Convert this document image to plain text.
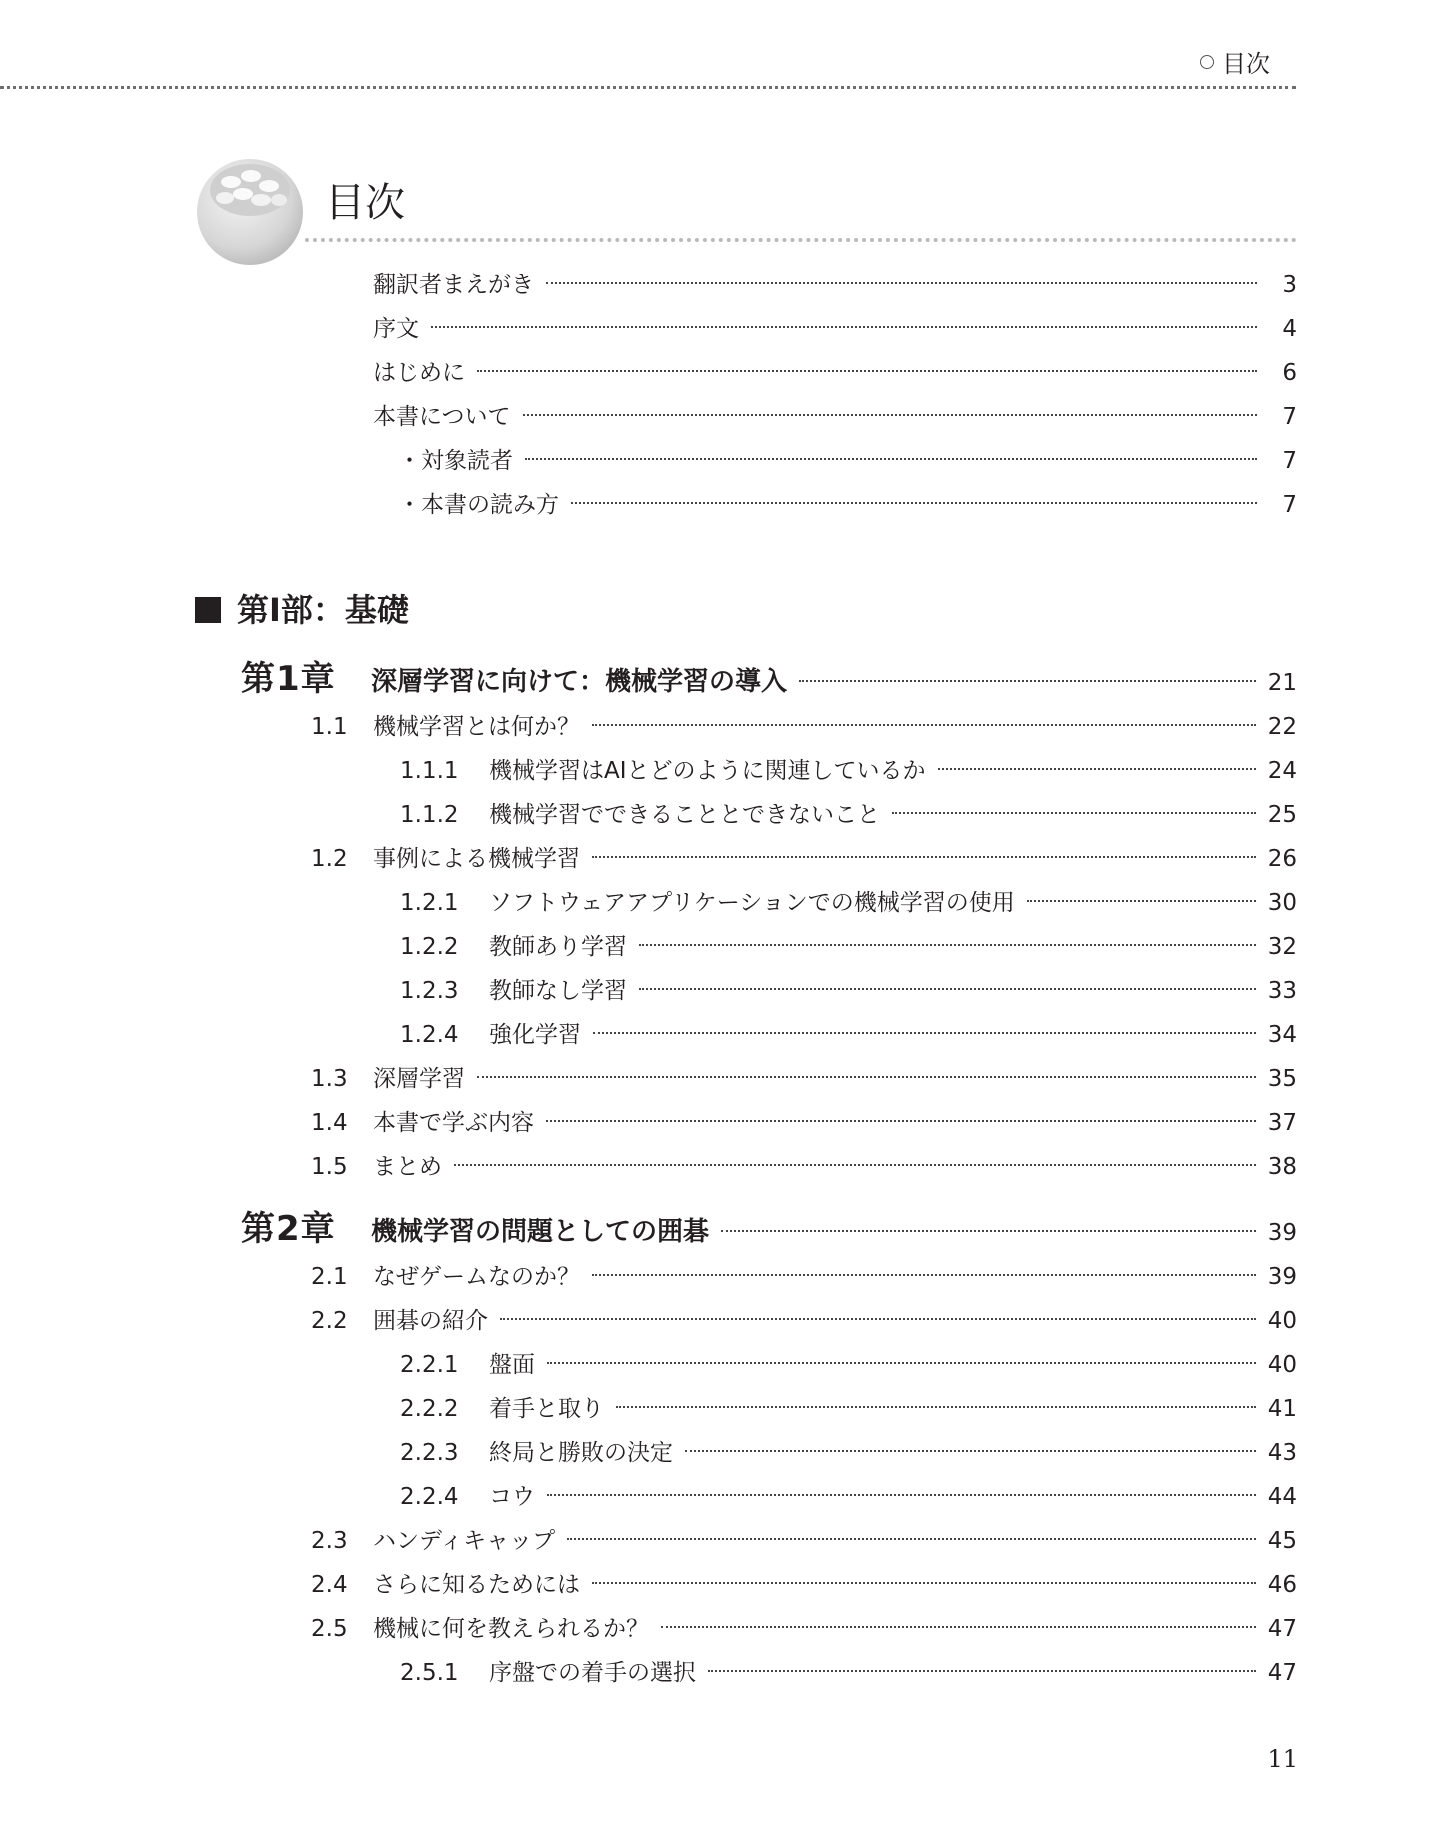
目次
目次
翻訳者まえがき	3
序文	4
はじめに	6
本書について	7
・対象読者	7
・本書の読み方	7
第I部：基礎
第1章	深層学習に向けて：機械学習の導入	21
1.1	機械学習とは何か？	22
1.1.1	機械学習はAIとどのように関連しているか	24
1.1.2	機械学習でできることとできないこと	25
1.2	事例による機械学習	26
1.2.1	ソフトウェアアプリケーションでの機械学習の使用	30
1.2.2	教師あり学習	32
1.2.3	教師なし学習	33
1.2.4	強化学習	34
1.3	深層学習	35
1.4	本書で学ぶ内容	37
1.5	まとめ	38
第2章	機械学習の問題としての囲碁	39
2.1	なぜゲームなのか？	39
2.2	囲碁の紹介	40
2.2.1	盤面	40
2.2.2	着手と取り	41
2.2.3	終局と勝敗の決定	43
2.2.4	コウ	44
2.3	ハンディキャップ	45
2.4	さらに知るためには	46
2.5	機械に何を教えられるか？	47
2.5.1	序盤での着手の選択	47
11
